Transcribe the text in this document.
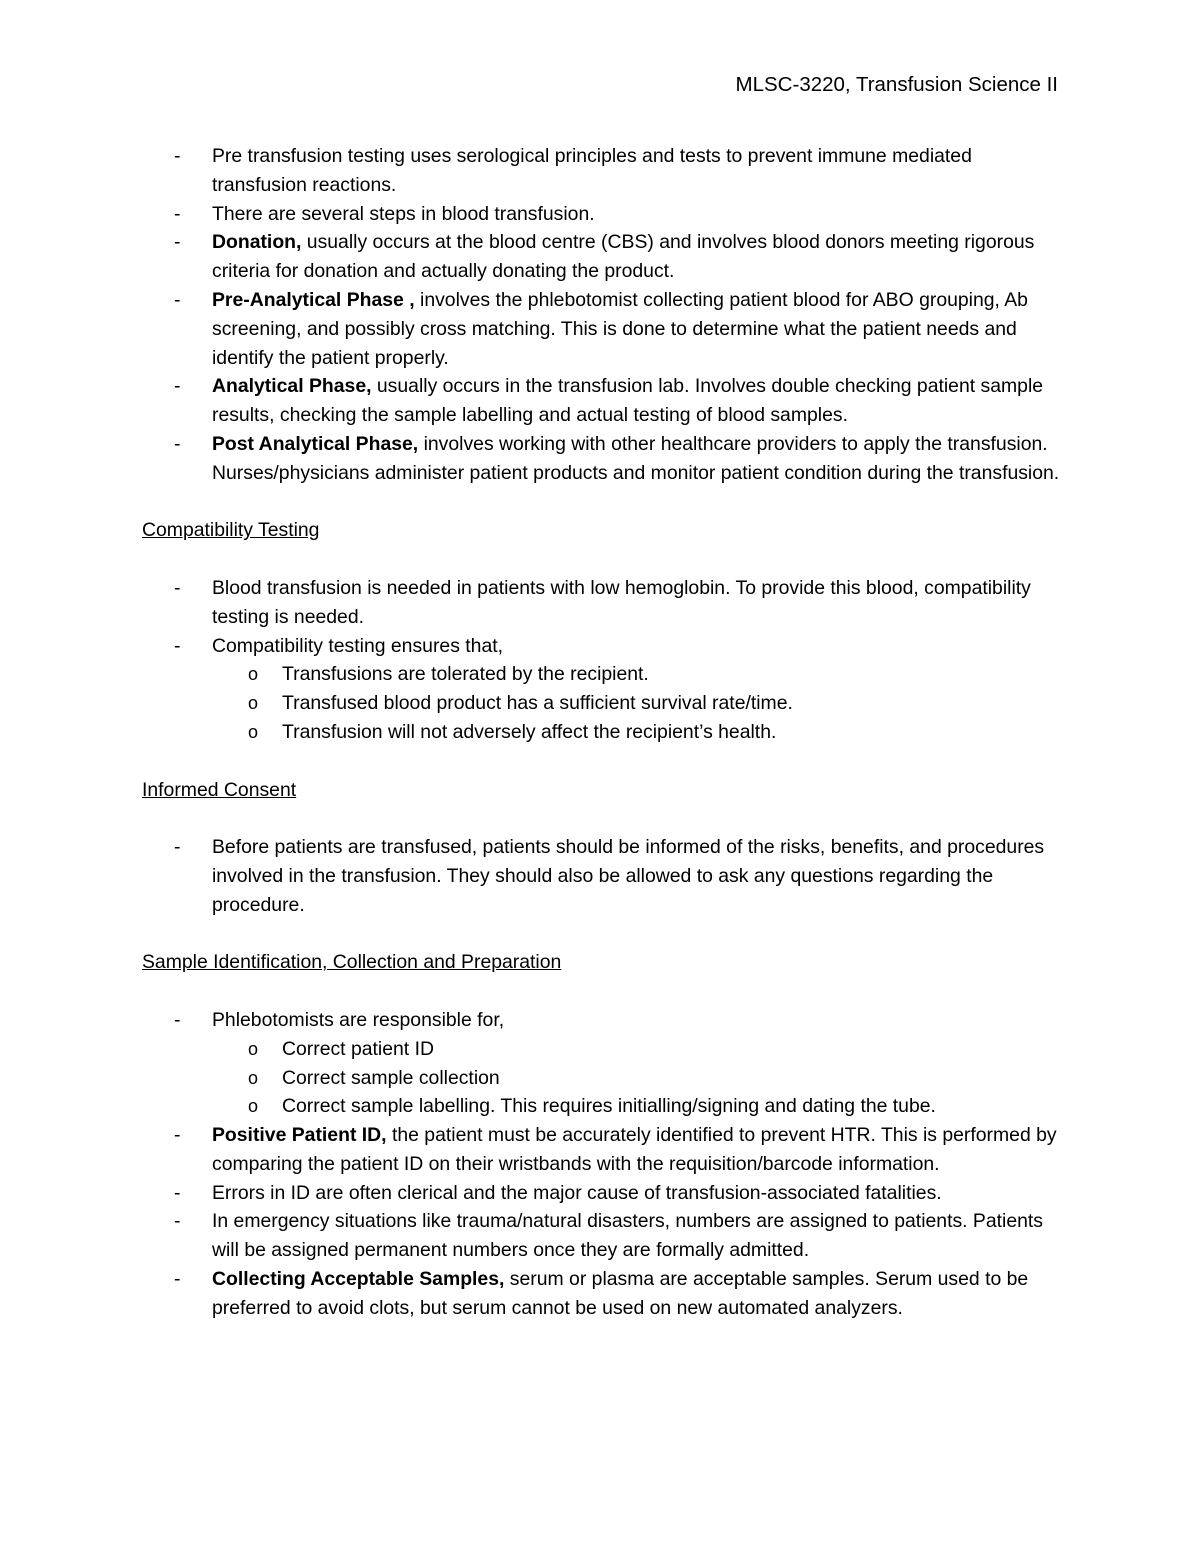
MLSC-3220, Transfusion Science II
- Pre transfusion testing uses serological principles and tests to prevent immune mediated transfusion reactions.
- There are several steps in blood transfusion.
- Donation, usually occurs at the blood centre (CBS) and involves blood donors meeting rigorous criteria for donation and actually donating the product.
- Pre-Analytical Phase , involves the phlebotomist collecting patient blood for ABO grouping, Ab screening, and possibly cross matching. This is done to determine what the patient needs and identify the patient properly.
- Analytical Phase, usually occurs in the transfusion lab. Involves double checking patient sample results, checking the sample labelling and actual testing of blood samples.
- Post Analytical Phase, involves working with other healthcare providers to apply the transfusion. Nurses/physicians administer patient products and monitor patient condition during the transfusion.
Compatibility Testing
- Blood transfusion is needed in patients with low hemoglobin. To provide this blood, compatibility testing is needed.
- Compatibility testing ensures that,
o Transfusions are tolerated by the recipient.
o Transfused blood product has a sufficient survival rate/time.
o Transfusion will not adversely affect the recipient’s health.
Informed Consent
- Before patients are transfused, patients should be informed of the risks, benefits, and procedures involved in the transfusion. They should also be allowed to ask any questions regarding the procedure.
Sample Identification, Collection and Preparation
- Phlebotomists are responsible for,
o Correct patient ID
o Correct sample collection
o Correct sample labelling. This requires initialling/signing and dating the tube.
- Positive Patient ID, the patient must be accurately identified to prevent HTR. This is performed by comparing the patient ID on their wristbands with the requisition/barcode information.
- Errors in ID are often clerical and the major cause of transfusion-associated fatalities.
- In emergency situations like trauma/natural disasters, numbers are assigned to patients. Patients will be assigned permanent numbers once they are formally admitted.
- Collecting Acceptable Samples, serum or plasma are acceptable samples. Serum used to be preferred to avoid clots, but serum cannot be used on new automated analyzers.
